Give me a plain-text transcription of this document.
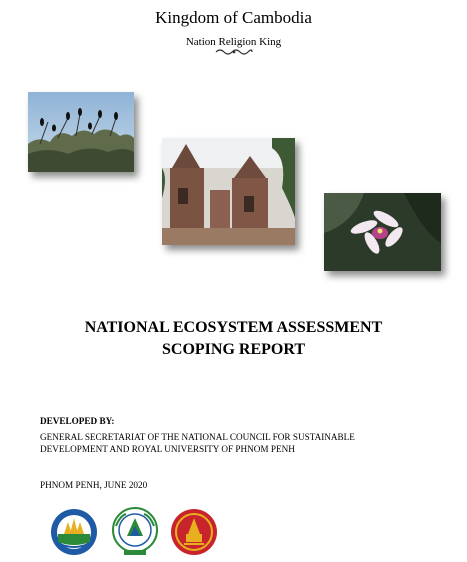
Kingdom of Cambodia
Nation Religion King
NATIONAL ECOSYSTEM ASSESSMENT
SCOPING REPORT
DEVELOPED BY:
GENERAL SECRETARIAT OF THE NATIONAL COUNCIL FOR SUSTAINABLE
DEVELOPMENT AND ROYAL UNIVERSITY OF PHNOM PENH
PHNOM PENH, JUNE 2020
